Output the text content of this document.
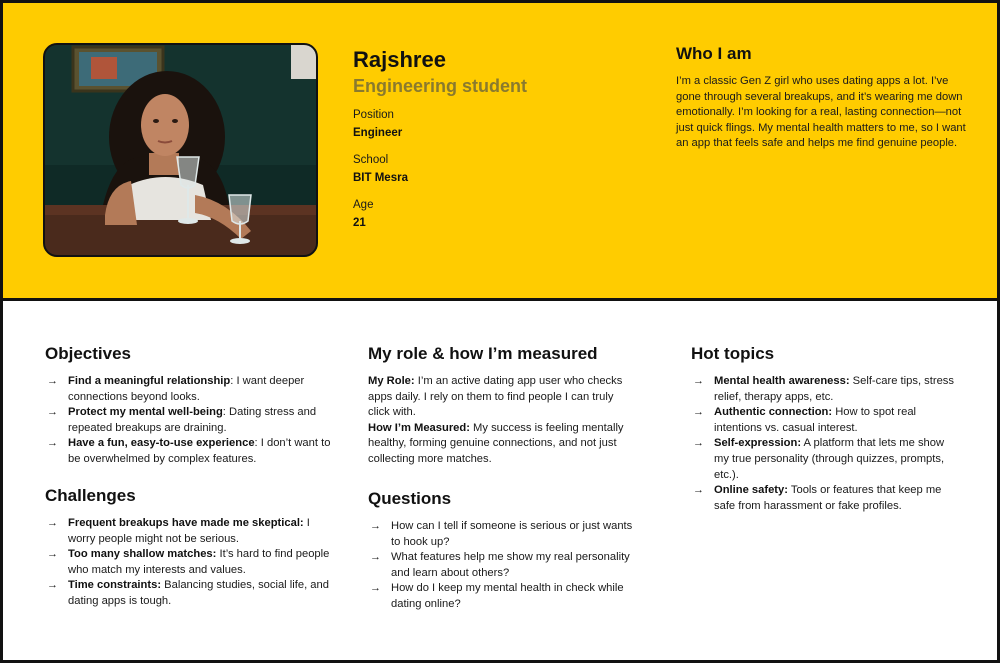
Rajshree
Engineering student
Position
Engineer
School
BIT Mesra
Age
21
Who I am
I’m a classic Gen Z girl who uses dating apps a lot. I’ve gone through several breakups, and it’s wearing me down emotionally. I’m looking for a real, lasting connection—not just quick flings. My mental health matters to me, so I want an app that feels safe and helps me find genuine people.
Objectives
→ Find a meaningful relationship: I want deeper connections beyond looks.
→ Protect my mental well-being: Dating stress and repeated breakups are draining.
→ Have a fun, easy-to-use experience: I don’t want to be overwhelmed by complex features.
Challenges
→ Frequent breakups have made me skeptical: I worry people might not be serious.
→ Too many shallow matches: It’s hard to find people who match my interests and values.
→ Time constraints: Balancing studies, social life, and dating apps is tough.
My role & how I’m measured

My Role: I’m an active dating app user who checks apps daily. I rely on them to find people I can truly click with.

How I’m Measured: My success is feeling mentally healthy, forming genuine connections, and not just collecting more matches.

Questions
→ How can I tell if someone is serious or just wants to hook up?
→ What features help me show my real personality and learn about others?
→ How do I keep my mental health in check while dating online?
Hot topics
→ Mental health awareness: Self-care tips, stress relief, therapy apps, etc.
→ Authentic connection: How to spot real intentions vs. casual interest.
→ Self-expression: A platform that lets me show my true personality (through quizzes, prompts, etc.).
→ Online safety: Tools or features that keep me safe from harassment or fake profiles.
